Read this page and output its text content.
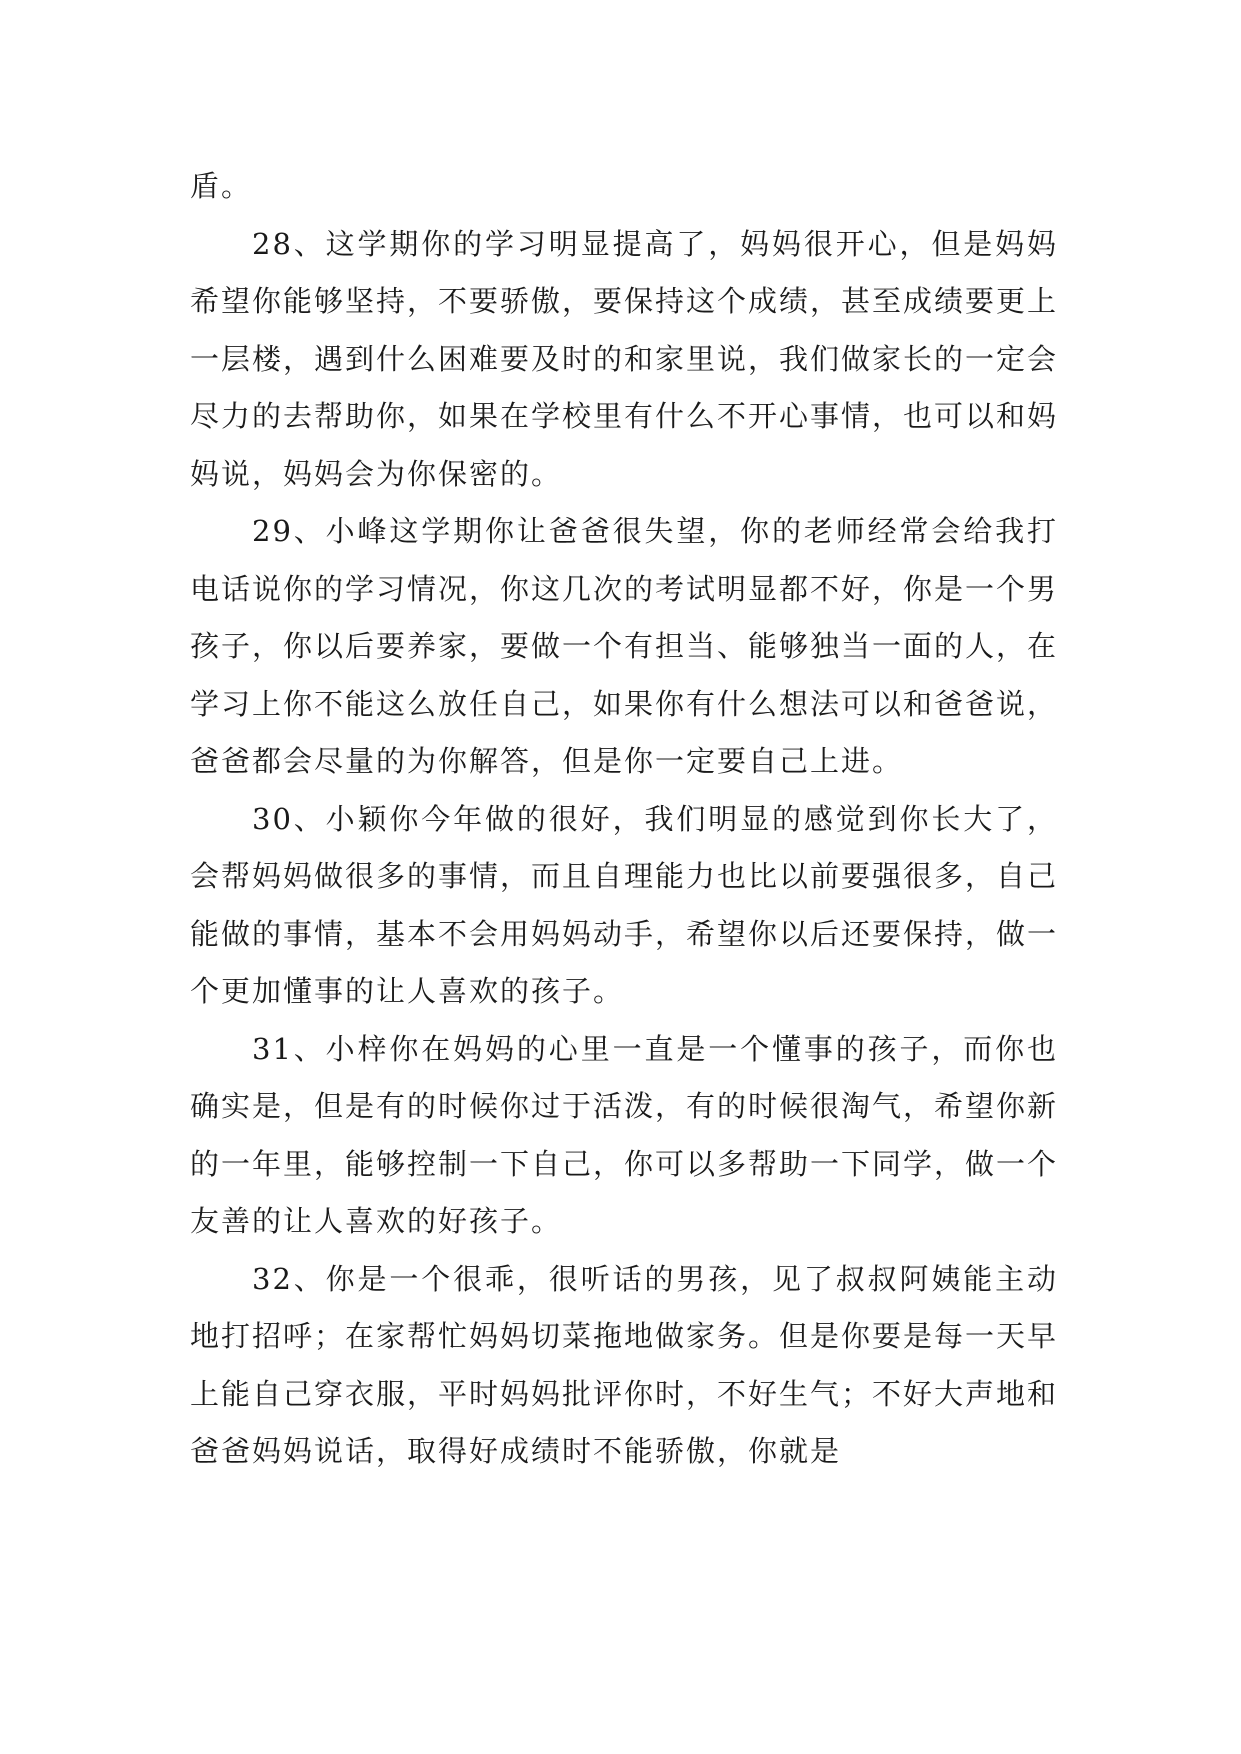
盾。

28、这学期你的学习明显提高了，妈妈很开心，但是妈妈希望你能够坚持，不要骄傲，要保持这个成绩，甚至成绩要更上一层楼，遇到什么困难要及时的和家里说，我们做家长的一定会尽力的去帮助你，如果在学校里有什么不开心事情，也可以和妈妈说，妈妈会为你保密的。

29、小峰这学期你让爸爸很失望，你的老师经常会给我打电话说你的学习情况，你这几次的考试明显都不好，你是一个男孩子，你以后要养家，要做一个有担当、能够独当一面的人，在学习上你不能这么放任自己，如果你有什么想法可以和爸爸说，爸爸都会尽量的为你解答，但是你一定要自己上进。

30、小颖你今年做的很好，我们明显的感觉到你长大了，会帮妈妈做很多的事情，而且自理能力也比以前要强很多，自己能做的事情，基本不会用妈妈动手，希望你以后还要保持，做一个更加懂事的让人喜欢的孩子。

31、小梓你在妈妈的心里一直是一个懂事的孩子，而你也确实是，但是有的时候你过于活泼，有的时候很淘气，希望你新的一年里，能够控制一下自己，你可以多帮助一下同学，做一个友善的让人喜欢的好孩子。

32、你是一个很乖，很听话的男孩，见了叔叔阿姨能主动地打招呼；在家帮忙妈妈切菜拖地做家务。但是你要是每一天早上能自己穿衣服，平时妈妈批评你时，不好生气；不好大声地和爸爸妈妈说话，取得好成绩时不能骄傲，你就是
